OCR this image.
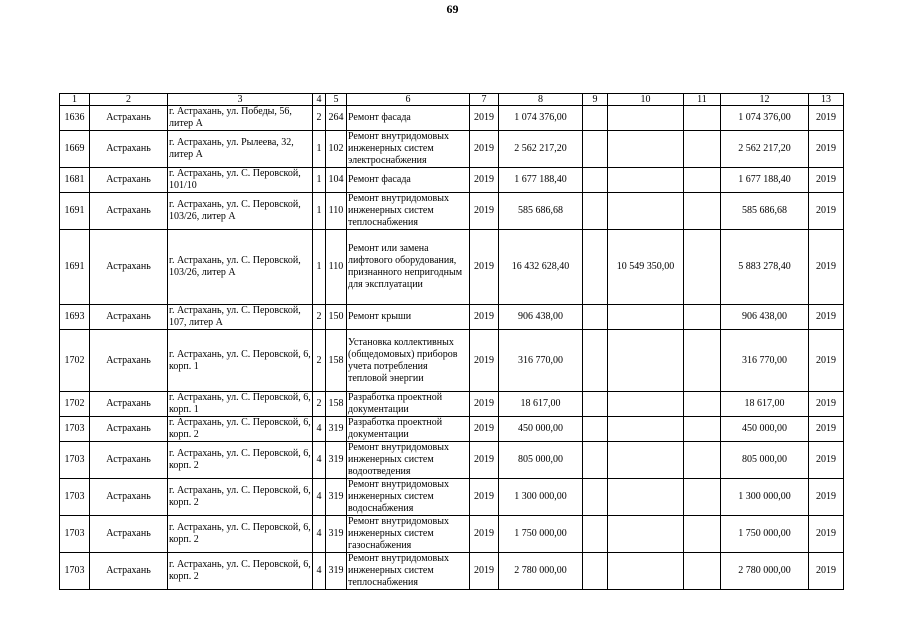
69
1	2	3	4	5	6	7	8	9	10	11	12	13
1636	Астрахань	г. Астрахань, ул. Победы, 56, литер А	2	264	Ремонт фасада	2019	1 074 376,00				1 074 376,00	2019
1669	Астрахань	г. Астрахань, ул. Рылеева, 32, литер А	1	102	Ремонт внутридомовых инженерных систем электроснабжения	2019	2 562 217,20				2 562 217,20	2019
1681	Астрахань	г. Астрахань, ул. С. Перовской, 101/10	1	104	Ремонт фасада	2019	1 677 188,40				1 677 188,40	2019
1691	Астрахань	г. Астрахань, ул. С. Перовской, 103/26, литер А	1	110	Ремонт внутридомовых инженерных систем теплоснабжения	2019	585 686,68				585 686,68	2019
1691	Астрахань	г. Астрахань, ул. С. Перовской, 103/26, литер А	1	110	Ремонт или замена лифтового оборудования, признанного непригодным для эксплуатации	2019	16 432 628,40		10 549 350,00		5 883 278,40	2019
1693	Астрахань	г. Астрахань, ул. С. Перовской, 107, литер А	2	150	Ремонт крыши	2019	906 438,00				906 438,00	2019
1702	Астрахань	г. Астрахань, ул. С. Перовской, 6, корп. 1	2	158	Установка коллективных (общедомовых) приборов учета потребления тепловой энергии	2019	316 770,00				316 770,00	2019
1702	Астрахань	г. Астрахань, ул. С. Перовской, 6, корп. 1	2	158	Разработка проектной документации	2019	18 617,00				18 617,00	2019
1703	Астрахань	г. Астрахань, ул. С. Перовской, 6, корп. 2	4	319	Разработка проектной документации	2019	450 000,00				450 000,00	2019
1703	Астрахань	г. Астрахань, ул. С. Перовской, 6, корп. 2	4	319	Ремонт внутридомовых инженерных систем водоотведения	2019	805 000,00				805 000,00	2019
1703	Астрахань	г. Астрахань, ул. С. Перовской, 6, корп. 2	4	319	Ремонт внутридомовых инженерных систем водоснабжения	2019	1 300 000,00				1 300 000,00	2019
1703	Астрахань	г. Астрахань, ул. С. Перовской, 6, корп. 2	4	319	Ремонт внутридомовых инженерных систем газоснабжения	2019	1 750 000,00				1 750 000,00	2019
1703	Астрахань	г. Астрахань, ул. С. Перовской, 6, корп. 2	4	319	Ремонт внутридомовых инженерных систем теплоснабжения	2019	2 780 000,00				2 780 000,00	2019
